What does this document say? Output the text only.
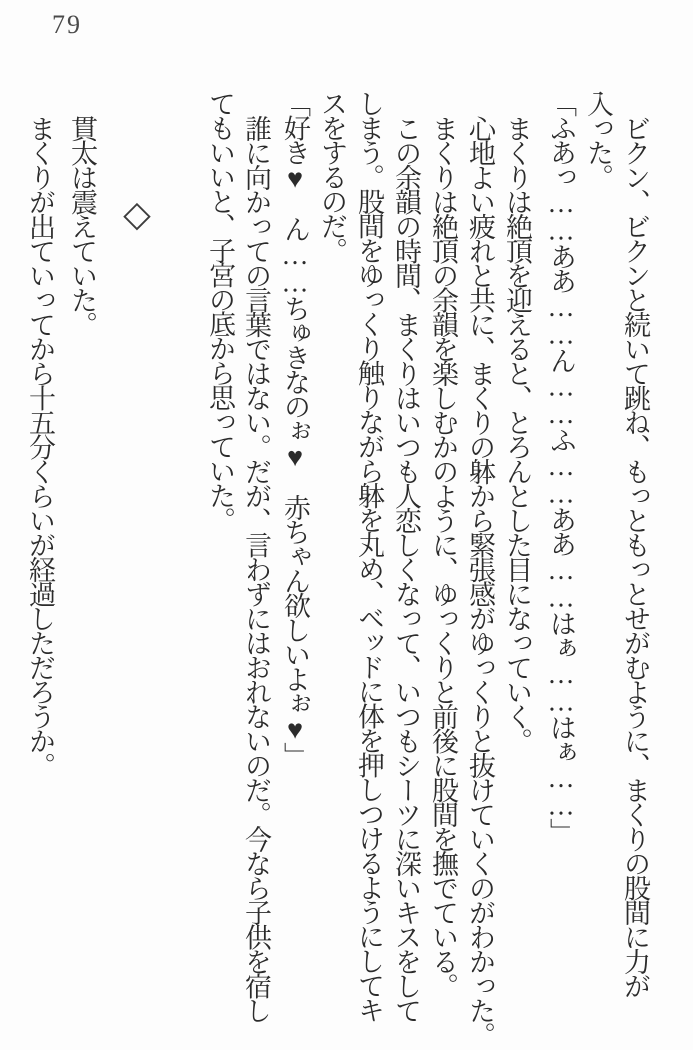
79
ビクン、ビクンと続いて跳ね、もっともっとせがむように、まくりの股間に力が
入った。
「ふあっ……ああ……ん……ふ……ああ……はぁ……はぁ……」
まくりは絶頂を迎えると、とろんとした目になっていく。
心地よい疲れと共に、まくりの躰から緊張感がゆっくりと抜けていくのがわかった。
まくりは絶頂の余韻を楽しむかのように、ゆっくりと前後に股間を撫でている。
この余韻の時間、まくりはいつも人恋しくなって、いつもシーツに深いキスをして
しまう。股間をゆっくり触りながら躰を丸め、ベッドに体を押しつけるようにしてキ
スをするのだ。
「好き♥　ん……ちゅきなのぉ♥　赤ちゃん欲しいよぉ♥」
誰に向かっての言葉ではない。だが、言わずにはおれないのだ。今なら子供を宿し
てもいいと、子宮の底から思っていた。
◇
貫太は震えていた。
まくりが出ていってから十五分くらいが経過しただろうか。
